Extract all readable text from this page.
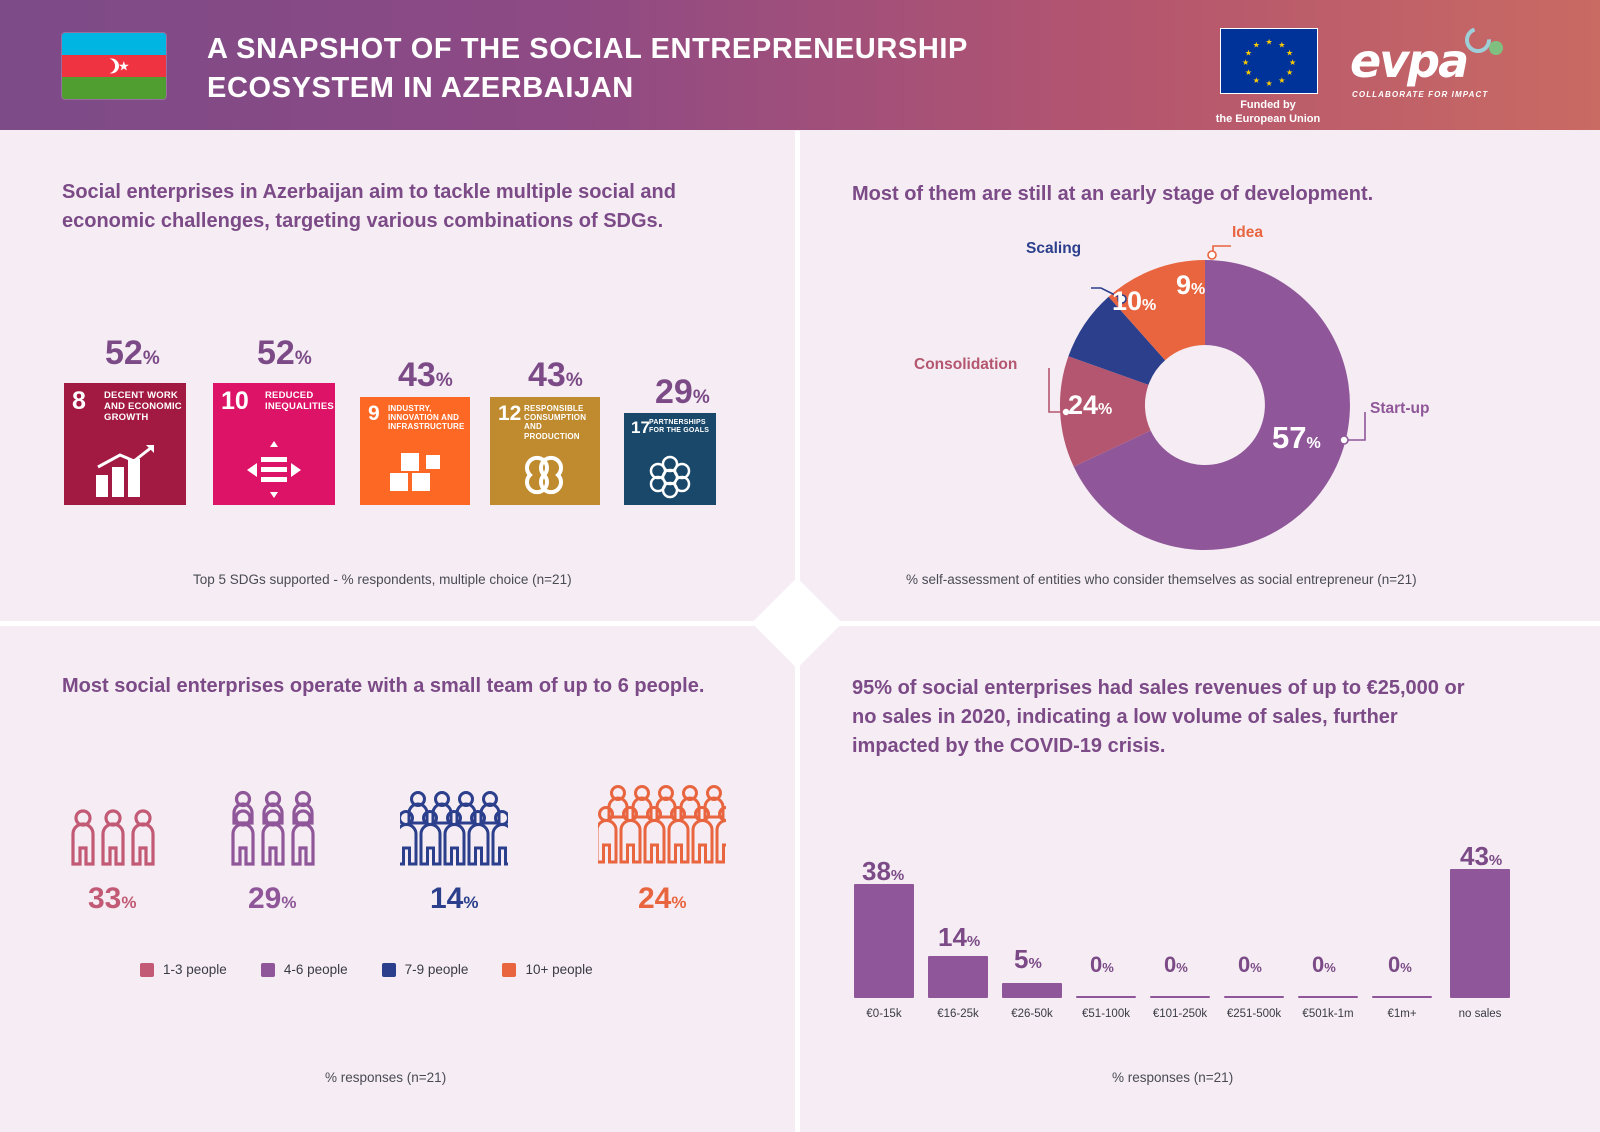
★
A SNAPSHOT OF THE SOCIAL ENTREPRENEURSHIP ECOSYSTEM IN AZERBAIJAN
★
★ ★
★	★
★	★
★	★
★ ★
★
Funded by
the European Union
evpa
COLLABORATE FOR IMPACT
Social enterprises in Azerbaijan aim to tackle multiple social and economic challenges, targeting various combinations of SDGs.
52%
8 DECENT WORK AND ECONOMIC GROWTH
52%
10 REDUCED INEQUALITIES
43%
9 INDUSTRY, INNOVATION AND INFRASTRUCTURE
43%
12 RESPONSIBLE CONSUMPTION AND PRODUCTION
29%
17 PARTNERSHIPS FOR THE GOALS
Top 5 SDGs supported - % respondents, multiple choice (n=21)
Most of them are still at an early stage of development.
Idea
Scaling
Consolidation
Start-up
9%
10%
24%
57%
% self-assessment of entities who consider themselves as social entrepreneur (n=21)
Most social enterprises operate with a small team of up to 6 people.
33%	29%	14%	24%
1-3 people	4-6 people	7-9 people	10+ people
% responses (n=21)
95% of social enterprises had sales revenues of up to €25,000 or no sales in 2020, indicating a low volume of sales, further impacted by the COVID-19 crisis.
38%
€0-15k
14%
€16-25k
5%
€26-50k
0%
€51-100k
0%
€101-250k
0%
€251-500k
0%
€501k-1m
0%
€1m+
43%
no sales
% responses (n=21)
